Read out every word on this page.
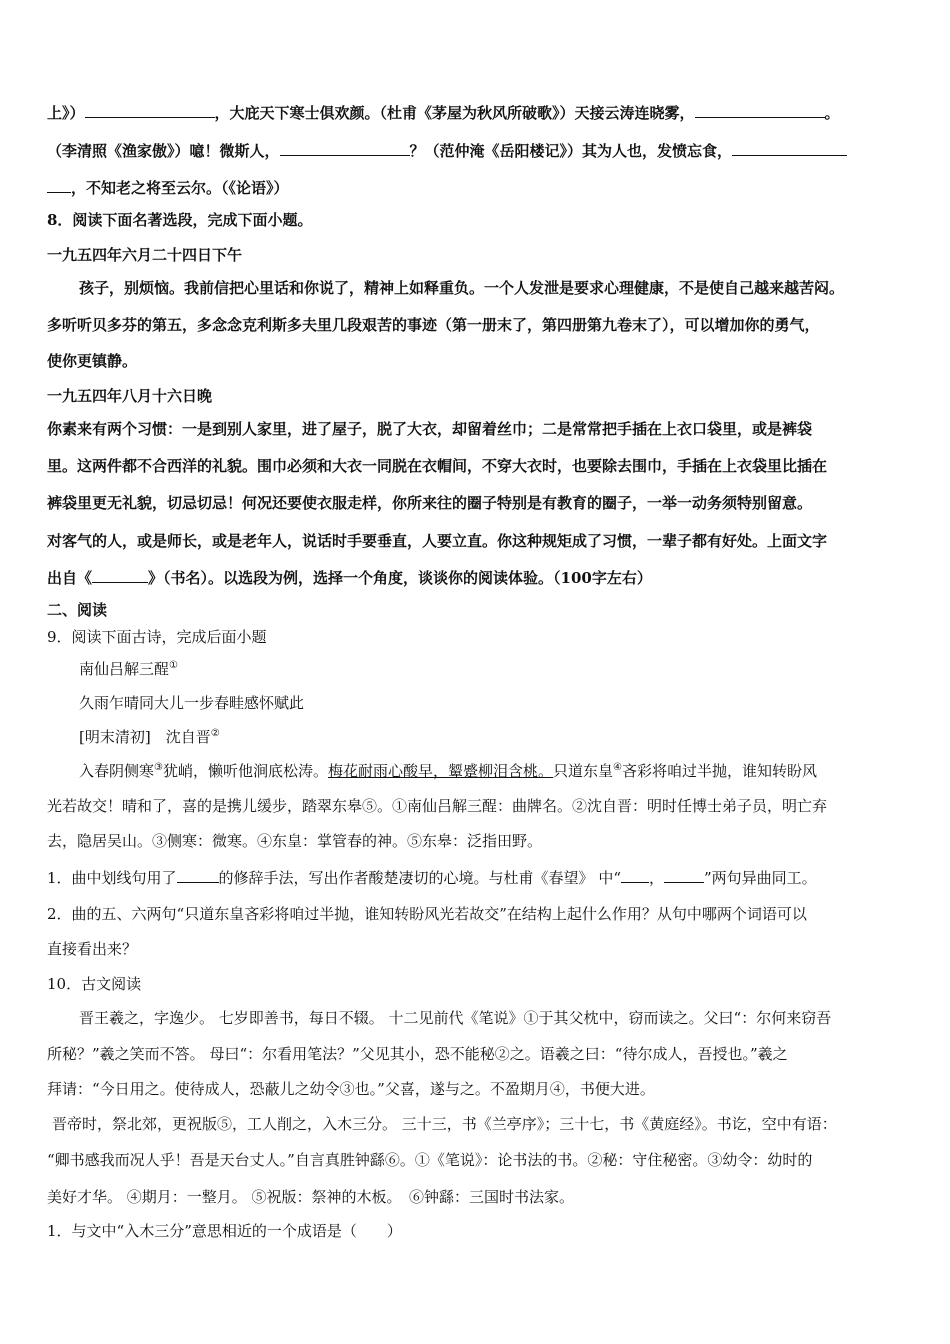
上》）	，大庇天下寒士俱欢颜。（杜甫《茅屋为秋风所破歌》）天接云涛连晓雾，	。
（李清照《渔家傲》）噫！微斯人，	？（范仲淹《岳阳楼记》）其为人也，发愤忘食，
，不知老之将至云尔。（《论语》）
8．阅读下面名著选段，完成下面小题。
一九五四年六月二十四日下午
孩子，别烦恼。我前信把心里话和你说了，精神上如释重负。一个人发泄是要求心理健康，不是使自己越来越苦闷。
多听听贝多芬的第五，多念念克利斯多夫里几段艰苦的事迹（第一册末了，第四册第九卷末了），可以增加你的勇气，
使你更镇静。
一九五四年八月十六日晚
你素来有两个习惯：一是到别人家里，进了屋子，脱了大衣，却留着丝巾；二是常常把手插在上衣口袋里，或是裤袋
里。这两件都不合西洋的礼貌。围巾必须和大衣一同脱在衣帽间，不穿大衣时，也要除去围巾，手插在上衣袋里比插在
裤袋里更无礼貌，切忌切忌！何况还要使衣服走样，你所来往的圈子特别是有教育的圈子，一举一动务须特别留意。
对客气的人，或是师长，或是老年人，说话时手要垂直，人要立直。你这种规矩成了习惯，一辈子都有好处。上面文字
出自《	》（书名）。以选段为例，选择一个角度，谈谈你的阅读体验。（100字左右）
二、阅读
9．阅读下面古诗，完成后面小题
南仙吕解三酲①
久雨乍晴同大儿一步春畦感怀赋此
[明末清初]　沈自晋②
入春阴侧寒③犹峭，懒听他涧底松涛。梅花耐雨心酸早，颦蹙柳泪含桃。只道东皇④吝彩将咱过半抛，谁知转盼风
光若故交！晴和了，喜的是携儿缓步，踏翠东皋⑤。①南仙吕解三酲：曲牌名。②沈自晋：明时任博士弟子员，明亡弃
去，隐居吴山。③侧寒：微寒。④东皇：掌管春的神。⑤东皋：泛指田野。
1．曲中划线句用了	的修辞手法，写出作者酸楚凄切的心境。与杜甫《春望》 中“ ，	”两句异曲同工。
2．曲的五、六两句“只道东皇吝彩将咱过半抛，谁知转盼风光若故交”在结构上起什么作用？从句中哪两个词语可以
直接看出来？
10．古文阅读
晋王羲之，字逸少。 七岁即善书，每日不辍。 十二见前代《笔说》①于其父枕中，窃而读之。父曰“：尔何来窃吾
所秘？”羲之笑而不答。 母曰“：尔看用笔法？”父见其小，恐不能秘②之。语羲之曰：“待尔成人，吾授也。”羲之
拜请：“今日用之。使待成人，恐蔽儿之幼令③也。”父喜，遂与之。不盈期月④，书便大进。
晋帝时，祭北郊，更祝版⑤，工人削之，入木三分。 三十三，书《兰亭序》；三十七，书《黄庭经》。书讫，空中有语：
“卿书感我而况人乎！吾是天台丈人。”自言真胜钟繇⑥。①《笔说》：论书法的书。②秘：守住秘密。③幼令：幼时的
美好才华。 ④期月：一整月。 ⑤祝版：祭神的木板。　⑥钟繇：三国时书法家。
1．与文中“入木三分”意思相近的一个成语是（　　）
